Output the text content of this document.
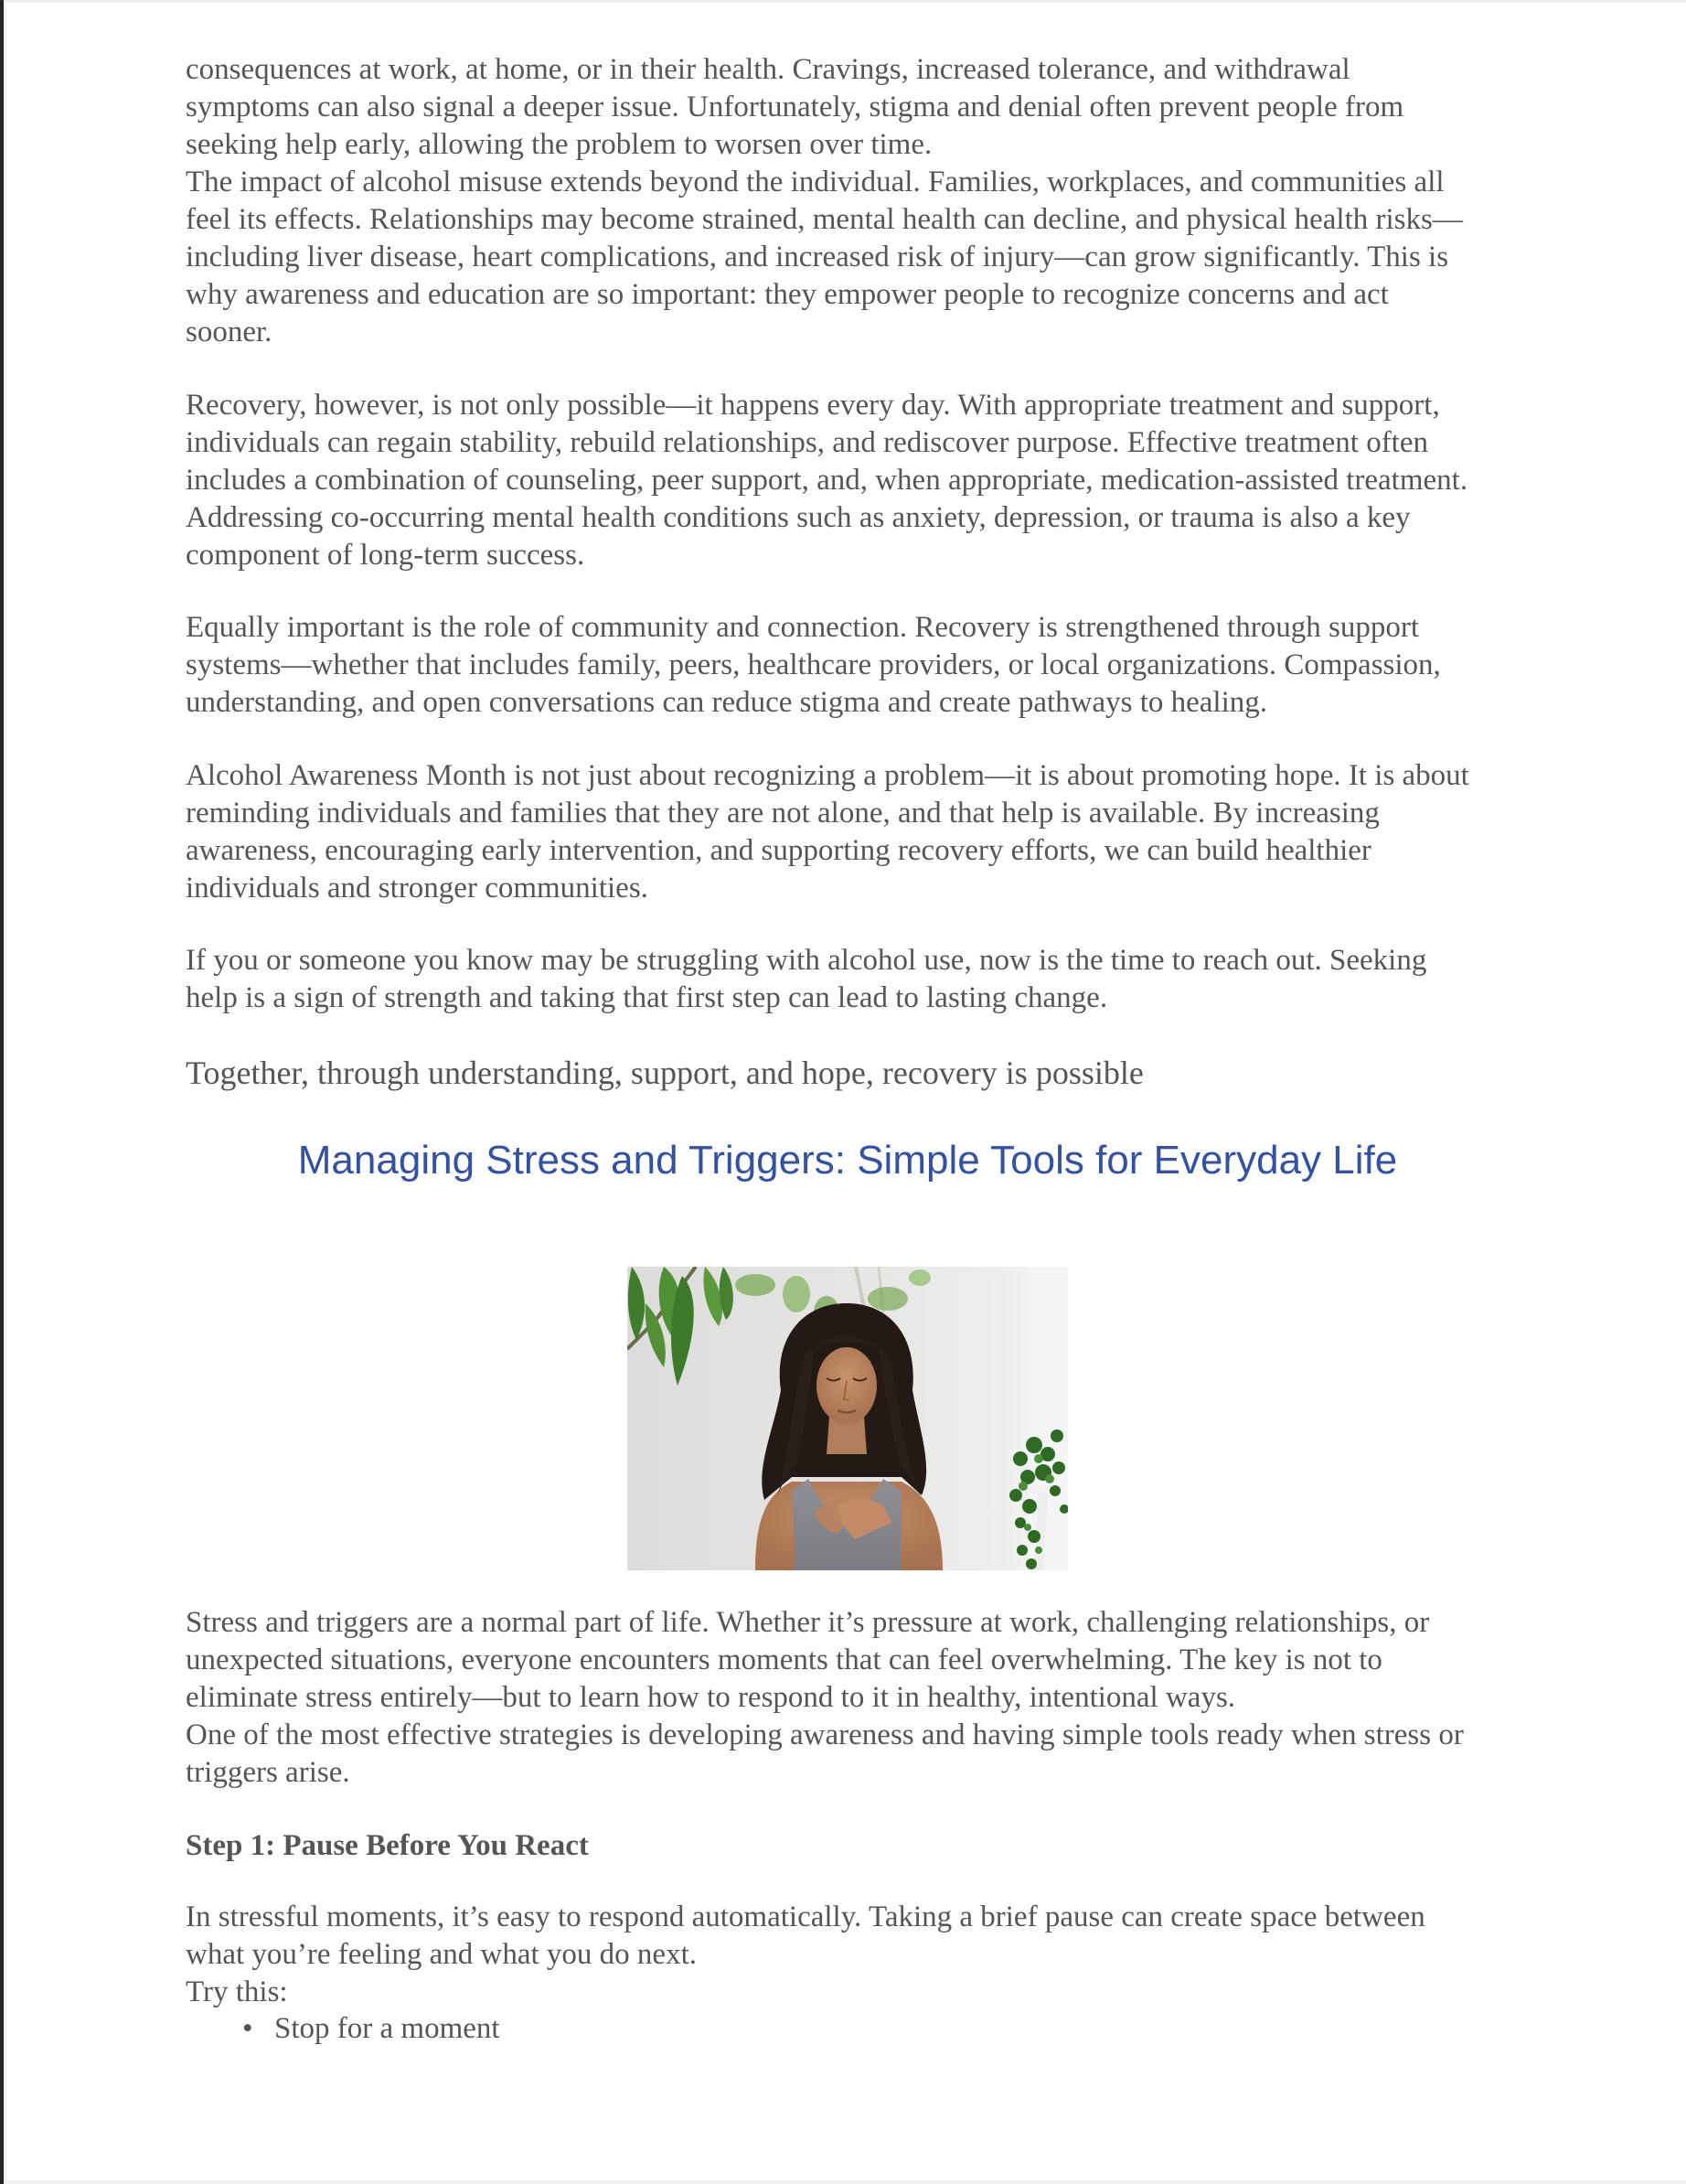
consequences at work, at home, or in their health. Cravings, increased tolerance, and withdrawal

symptoms can also signal a deeper issue. Unfortunately, stigma and denial often prevent people from

seeking help early, allowing the problem to worsen over time.

The impact of alcohol misuse extends beyond the individual. Families, workplaces, and communities all

feel its effects. Relationships may become strained, mental health can decline, and physical health risks—

including liver disease, heart complications, and increased risk of injury—can grow significantly. This is

why awareness and education are so important: they empower people to recognize concerns and act

sooner.

Recovery, however, is not only possible—it happens every day. With appropriate treatment and support,

individuals can regain stability, rebuild relationships, and rediscover purpose. Effective treatment often

includes a combination of counseling, peer support, and, when appropriate, medication-assisted treatment.

Addressing co-occurring mental health conditions such as anxiety, depression, or trauma is also a key

component of long-term success.

Equally important is the role of community and connection. Recovery is strengthened through support

systems—whether that includes family, peers, healthcare providers, or local organizations. Compassion,

understanding, and open conversations can reduce stigma and create pathways to healing.

Alcohol Awareness Month is not just about recognizing a problem—it is about promoting hope. It is about

reminding individuals and families that they are not alone, and that help is available. By increasing

awareness, encouraging early intervention, and supporting recovery efforts, we can build healthier

individuals and stronger communities.

If you or someone you know may be struggling with alcohol use, now is the time to reach out. Seeking

help is a sign of strength and taking that first step can lead to lasting change.

Together, through understanding, support, and hope, recovery is possible

Managing Stress and Triggers: Simple Tools for Everyday Life

Stress and triggers are a normal part of life. Whether it’s pressure at work, challenging relationships, or

unexpected situations, everyone encounters moments that can feel overwhelming. The key is not to

eliminate stress entirely—but to learn how to respond to it in healthy, intentional ways.

One of the most effective strategies is developing awareness and having simple tools ready when stress or

triggers arise.

Step 1: Pause Before You React

In stressful moments, it’s easy to respond automatically. Taking a brief pause can create space between

what you’re feeling and what you do next.

Try this:

• Stop for a moment
